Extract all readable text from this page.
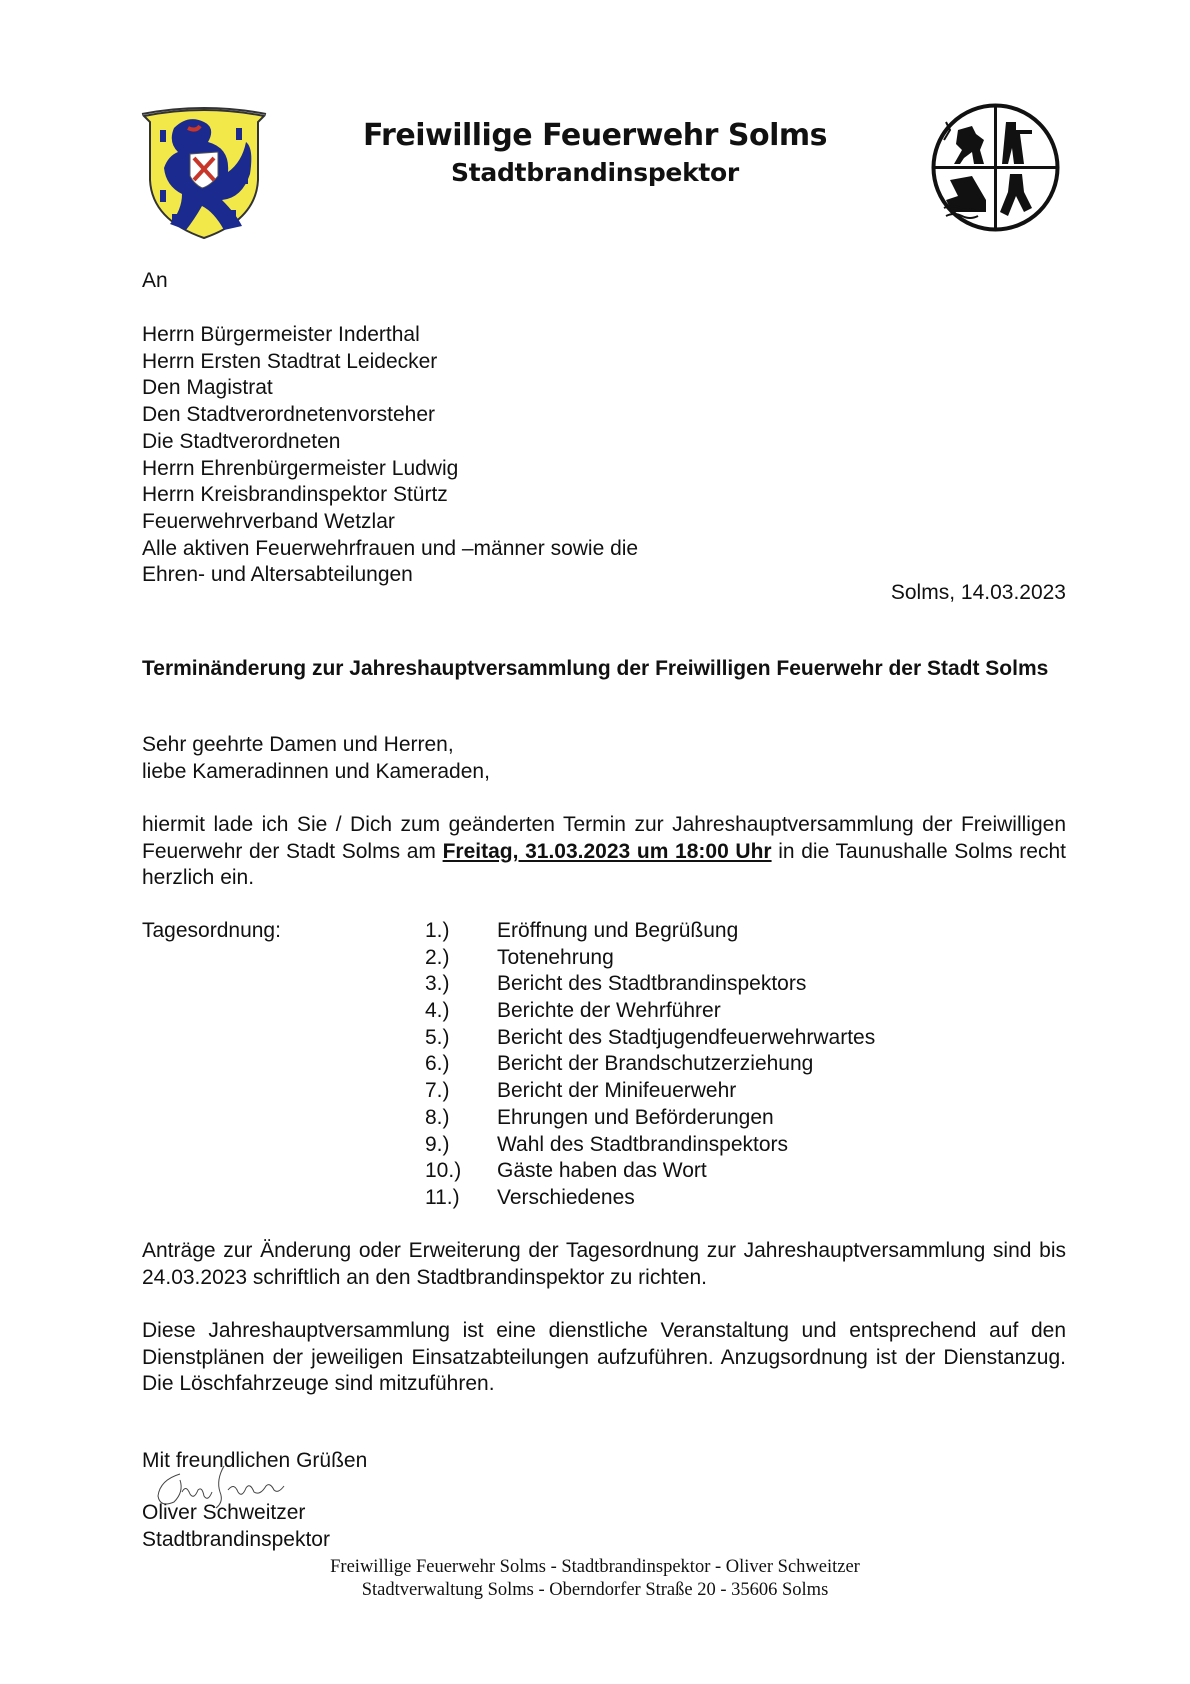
Freiwillige Feuerwehr Solms
Stadtbrandinspektor
An
Herrn Bürgermeister Inderthal
Herrn Ersten Stadtrat Leidecker
Den Magistrat
Den Stadtverordnetenvorsteher
Die Stadtverordneten
Herrn Ehrenbürgermeister Ludwig
Herrn Kreisbrandinspektor Stürtz
Feuerwehrverband Wetzlar
Alle aktiven Feuerwehrfrauen und –männer sowie die
Ehren- und Altersabteilungen
Solms, 14.03.2023
Terminänderung zur Jahreshauptversammlung der Freiwilligen Feuerwehr der Stadt Solms
Sehr geehrte Damen und Herren,
liebe Kameradinnen und Kameraden,
hiermit lade ich Sie / Dich zum geänderten Termin zur Jahreshauptversammlung der Freiwilligen Feuerwehr der Stadt Solms am Freitag, 31.03.2023 um 18:00 Uhr in die Taunushalle Solms recht herzlich ein.
Tagesordnung:	1.)	Eröffnung und Begrüßung
2.)	Totenehrung
3.)	Bericht des Stadtbrandinspektors
4.)	Berichte der Wehrführer
5.)	Bericht des Stadtjugendfeuerwehrwartes
6.)	Bericht der Brandschutzerziehung
7.)	Bericht der Minifeuerwehr
8.)	Ehrungen und Beförderungen
9.)	Wahl des Stadtbrandinspektors
10.)	Gäste haben das Wort
11.)	Verschiedenes
Anträge zur Änderung oder Erweiterung der Tagesordnung zur Jahreshauptversammlung sind bis 24.03.2023 schriftlich an den Stadtbrandinspektor zu richten.
Diese Jahreshauptversammlung ist eine dienstliche Veranstaltung und entsprechend auf den Dienstplänen der jeweiligen Einsatzabteilungen aufzuführen. Anzugsordnung ist der Dienstanzug. Die Löschfahrzeuge sind mitzuführen.
Mit freundlichen Grüßen
Oliver Schweitzer
Stadtbrandinspektor
Freiwillige Feuerwehr Solms - Stadtbrandinspektor - Oliver Schweitzer
Stadtverwaltung Solms - Oberndorfer Straße 20 - 35606 Solms
